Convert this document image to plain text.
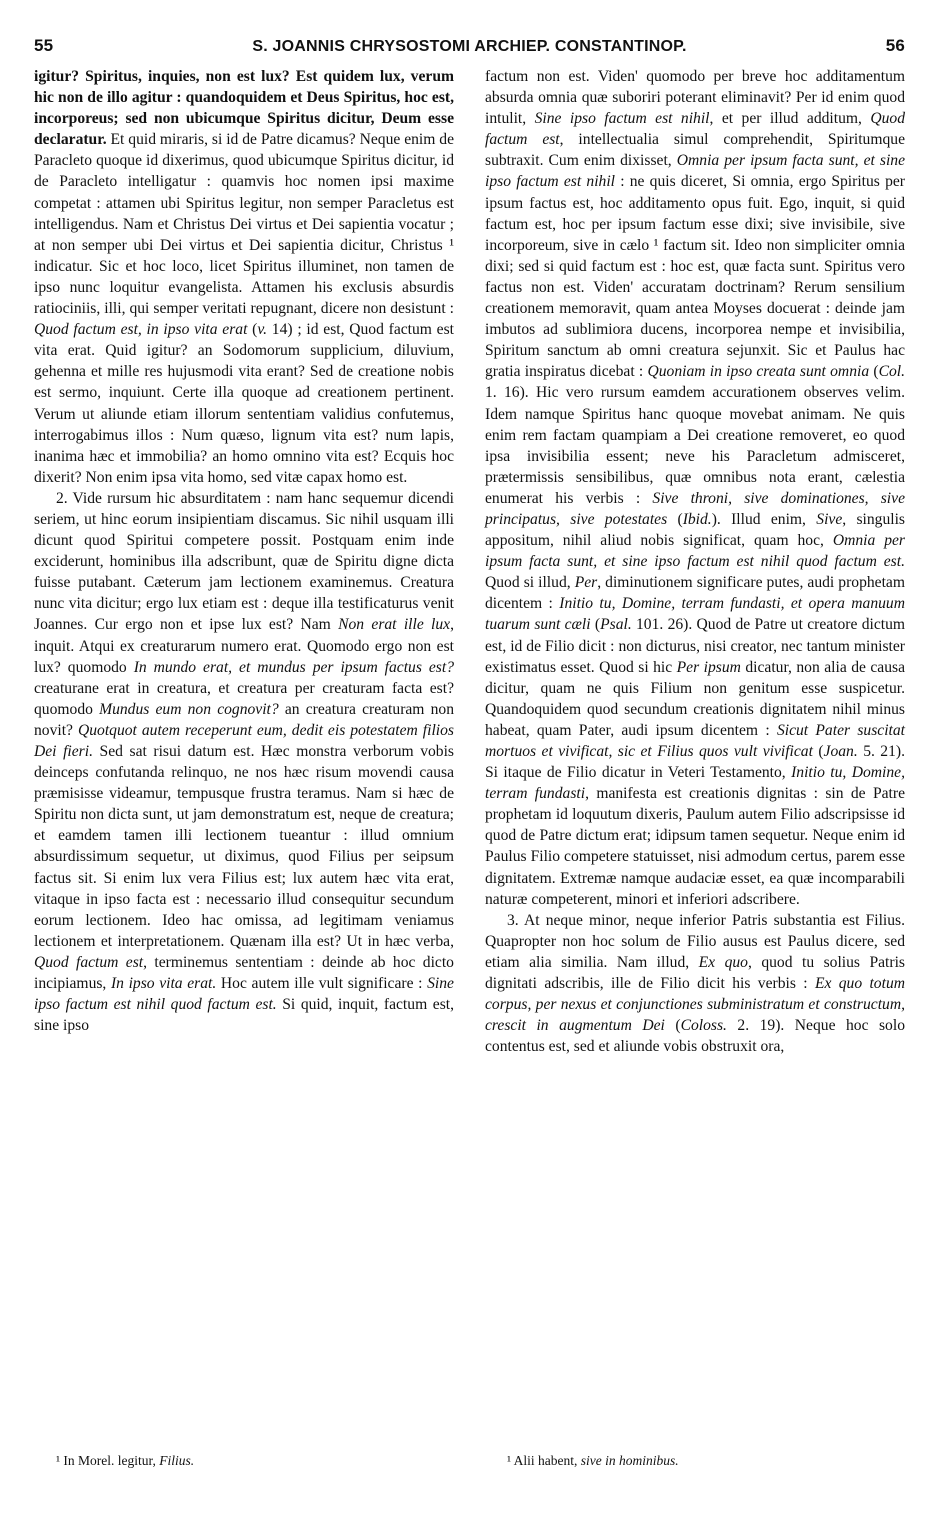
55	S. JOANNIS CHRYSOSTOMI ARCHIEP. CONSTANTINOP.	56

igitur? Spiritus, inquies, non est lux? Est quidem lux, verum hic non de illo agitur : quandoquidem et Deus Spiritus, hoc est, incorporeus; sed non ubicumque Spiritus dicitur, Deum esse declaratur. Et quid miraris, si id de Patre dicamus? Neque enim de Paracleto quoque id dixerimus, quod ubicumque Spiritus dicitur, id de Paracleto intelligatur : quamvis hoc nomen ipsi maxime competat : attamen ubi Spiritus legitur, non semper Paracletus est intelligendus. Nam et Christus Dei virtus et Dei sapientia vocatur ; at non semper ubi Dei virtus et Dei sapientia dicitur, Christus ¹ indicatur. Sic et hoc loco, licet Spiritus illuminet, non tamen de ipso nunc loquitur evangelista. Attamen his exclusis absurdis ratiociniis, illi, qui semper veritati repugnant, dicere non desistunt : Quod factum est, in ipso vita erat (v. 14) ; id est, Quod factum est vita erat. Quid igitur? an Sodomorum supplicium, diluvium, gehenna et mille res hujusmodi vita erant? Sed de creatione nobis est sermo, inquiunt. Certe illa quoque ad creationem pertinent. Verum ut aliunde etiam illorum sententiam validius confutemus, interrogabimus illos : Num quæso, lignum vita est? num lapis, inanima hæc et immobilia? an homo omnino vita est? Ecquis hoc dixerit? Non enim ipsa vita homo, sed vitæ capax homo est.

2. Vide rursum hic absurditatem : nam hanc sequemur dicendi seriem, ut hinc eorum insipientiam discamus. Sic nihil usquam illi dicunt quod Spiritui competere possit. Postquam enim inde exciderunt, hominibus illa adscribunt, quæ de Spiritu digne dicta fuisse putabant. Cæterum jam lectionem examinemus. Creatura nunc vita dicitur; ergo lux etiam est : deque illa testificaturus venit Joannes. Cur ergo non et ipse lux est? Nam Non erat ille lux, inquit. Atqui ex creaturarum numero erat. Quomodo ergo non est lux? quomodo In mundo erat, et mundus per ipsum factus est? creaturane erat in creatura, et creatura per creaturam facta est? quomodo Mundus eum non cognovit? an creatura creaturam non novit? Quotquot autem receperunt eum, dedit eis potestatem filios Dei fieri. Sed sat risui datum est. Hæc monstra verborum vobis deinceps confutanda relinquo, ne nos hæc risum movendi causa præmisisse videamur, tempusque frustra teramus. Nam si hæc de Spiritu non dicta sunt, ut jam demonstratum est, neque de creatura; et eamdem tamen illi lectionem tueantur : illud omnium absurdissimum sequetur, ut diximus, quod Filius per seipsum factus sit. Si enim lux vera Filius est; lux autem hæc vita erat, vitaque in ipso facta est : necessario illud consequitur secundum eorum lectionem. Ideo hac omissa, ad legitimam veniamus lectionem et interpretationem. Quænam illa est? Ut in hæc verba, Quod factum est, terminemus sententiam : deinde ab hoc dicto incipiamus, In ipso vita erat. Hoc autem ille vult significare : Sine ipso factum est nihil quod factum est. Si quid, inquit, factum est, sine ipso

factum non est. Viden' quomodo per breve hoc additamentum absurda omnia quæ suboriri poterant eliminavit? Per id enim quod intulit, Sine ipso factum est nihil, et per illud additum, Quod factum est, intellectualia simul comprehendit, Spiritumque subtraxit. Cum enim dixisset, Omnia per ipsum facta sunt, et sine ipso factum est nihil : ne quis diceret, Si omnia, ergo Spiritus per ipsum factus est, hoc additamento opus fuit. Ego, inquit, si quid factum est, hoc per ipsum factum esse dixi; sive invisibile, sive incorporeum, sive in cælo ¹ factum sit. Ideo non simpliciter omnia dixi; sed si quid factum est : hoc est, quæ facta sunt. Spiritus vero factus non est. Viden' accuratam doctrinam? Rerum sensilium creationem memoravit, quam antea Moyses docuerat : deinde jam imbutos ad sublimiora ducens, incorporea nempe et invisibilia, Spiritum sanctum ab omni creatura sejunxit. Sic et Paulus hac gratia inspiratus dicebat : Quoniam in ipso creata sunt omnia (Col. 1. 16). Hic vero rursum eamdem accurationem observes velim. Idem namque Spiritus hanc quoque movebat animam. Ne quis enim rem factam quampiam a Dei creatione removeret, eo quod ipsa invisibilia essent; neve his Paracletum admisceret, prætermissis sensibilibus, quæ omnibus nota erant, cælestia enumerat his verbis : Sive throni, sive dominationes, sive principatus, sive potestates (Ibid.). Illud enim, Sive, singulis appositum, nihil aliud nobis significat, quam hoc, Omnia per ipsum facta sunt, et sine ipso factum est nihil quod factum est. Quod si illud, Per, diminutionem significare putes, audi prophetam dicentem : Initio tu, Domine, terram fundasti, et opera manuum tuarum sunt cæli (Psal. 101. 26). Quod de Patre ut creatore dictum est, id de Filio dicit : non dicturus, nisi creator, nec tantum minister existimatus esset. Quod si hic Per ipsum dicatur, non alia de causa dicitur, quam ne quis Filium non genitum esse suspicetur. Quandoquidem quod secundum creationis dignitatem nihil minus habeat, quam Pater, audi ipsum dicentem : Sicut Pater suscitat mortuos et vivificat, sic et Filius quos vult vivificat (Joan. 5. 21). Si itaque de Filio dicatur in Veteri Testamento, Initio tu, Domine, terram fundasti, manifesta est creationis dignitas : sin de Patre prophetam id loquutum dixeris, Paulum autem Filio adscripsisse id quod de Patre dictum erat; idipsum tamen sequetur. Neque enim id Paulus Filio competere statuisset, nisi admodum certus, parem esse dignitatem. Extremæ namque audaciæ esset, ea quæ incomparabili naturæ competerent, minori et inferiori adscribere.

3. At neque minor, neque inferior Patris substantia est Filius. Quapropter non hoc solum de Filio ausus est Paulus dicere, sed etiam alia similia. Nam illud, Ex quo, quod tu solius Patris dignitati adscribis, ille de Filio dicit his verbis : Ex quo totum corpus, per nexus et conjunctiones subministratum et constructum, crescit in augmentum Dei (Coloss. 2. 19). Neque hoc solo contentus est, sed et aliunde vobis obstruxit ora,

¹ In Morel. legitur, Filius.	¹ Alii habent, sive in hominibus.
